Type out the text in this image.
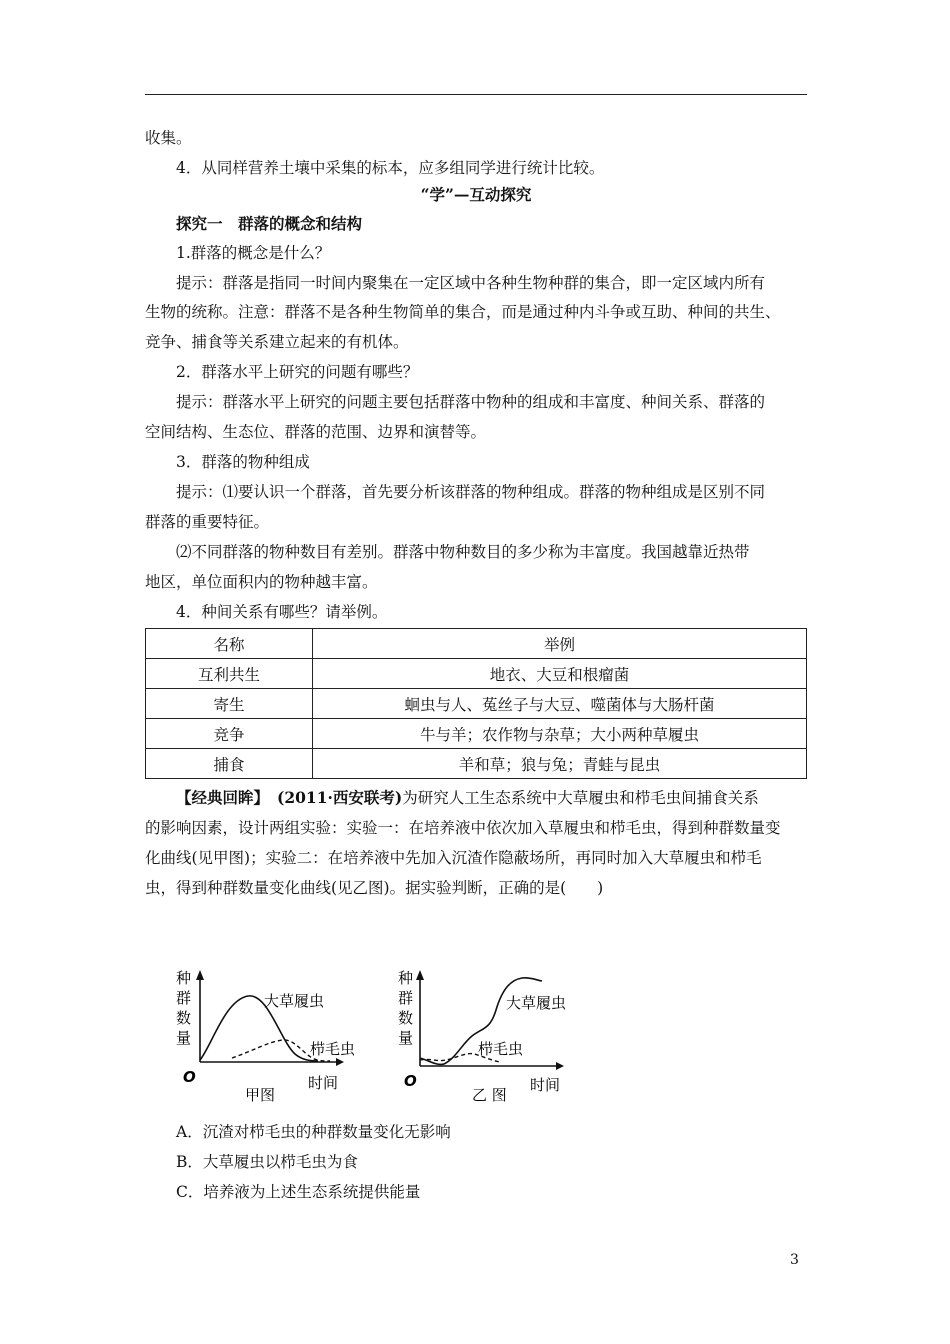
收集。
4．从同样营养土壤中采集的标本，应多组同学进行统计比较。
“学”—互动探究
探究一　群落的概念和结构
1.群落的概念是什么？
提示：群落是指同一时间内聚集在一定区域中各种生物种群的集合，即一定区域内所有
生物的统称。注意：群落不是各种生物简单的集合，而是通过种内斗争或互助、种间的共生、
竞争、捕食等关系建立起来的有机体。
2．群落水平上研究的问题有哪些？
提示：群落水平上研究的问题主要包括群落中物种的组成和丰富度、种间关系、群落的
空间结构、生态位、群落的范围、边界和演替等。
3．群落的物种组成
提示：⑴要认识一个群落，首先要分析该群落的物种组成。群落的物种组成是区别不同
群落的重要特征。
⑵不同群落的物种数目有差别。群落中物种数目的多少称为丰富度。我国越靠近热带
地区，单位面积内的物种越丰富。
4．种间关系有哪些？请举例。
名称	举例
互利共生	地衣、大豆和根瘤菌
寄生	蛔虫与人、菟丝子与大豆、噬菌体与大肠杆菌
竞争	牛与羊；农作物与杂草；大小两种草履虫
捕食	羊和草；狼与兔；青蛙与昆虫
【经典回眸】 (2011·西安联考)为研究人工生态系统中大草履虫和栉毛虫间捕食关系
的影响因素，设计两组实验：实验一：在培养液中依次加入草履虫和栉毛虫，得到种群数量变
化曲线(见甲图)；实验二：在培养液中先加入沉渣作隐蔽场所，再同时加入大草履虫和栉毛
虫，得到种群数量变化曲线(见乙图)。据实验判断，正确的是(　　)
种
群
数
量
O
大草履虫
栉毛虫
时间
甲图
种
群
数
量
O
大草履虫
栉毛虫
时间
乙 图
A．沉渣对栉毛虫的种群数量变化无影响
B．大草履虫以栉毛虫为食
C．培养液为上述生态系统提供能量
3
